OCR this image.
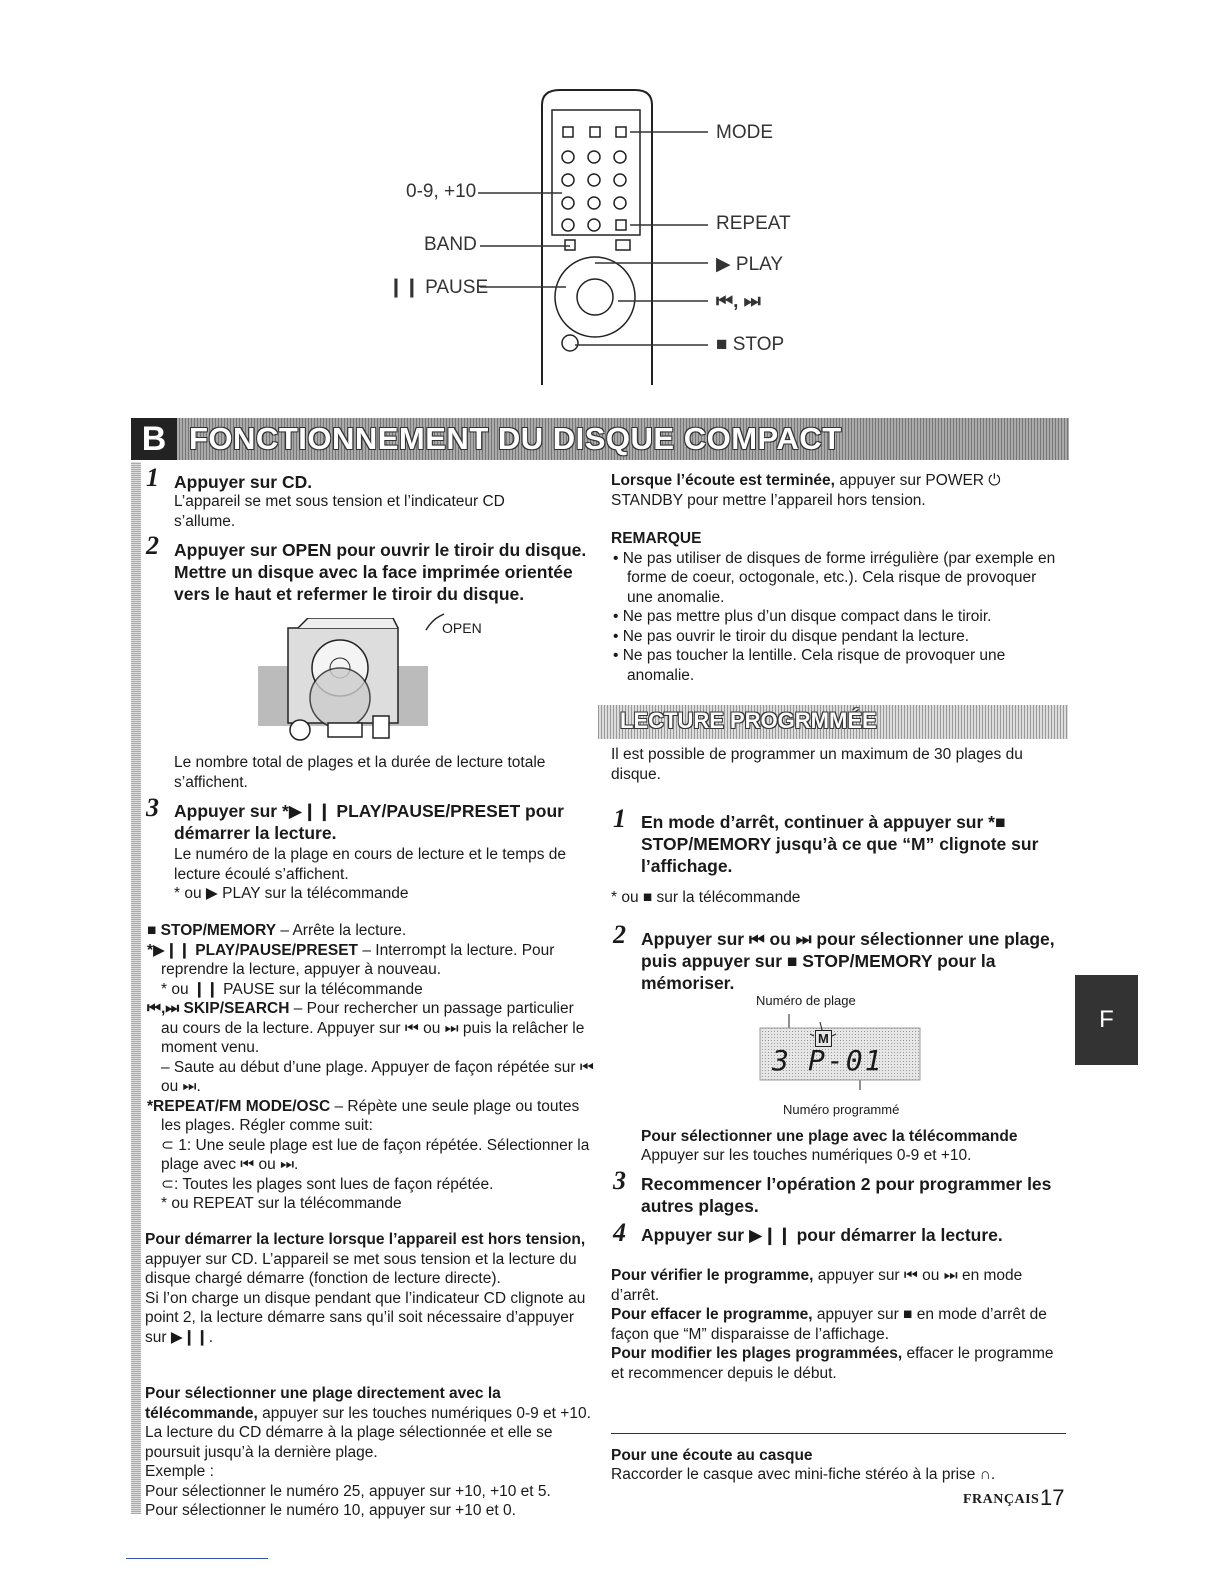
MODE
0-9, +10
REPEAT
BAND
▶ PLAY
❙❙ PAUSE
⏮, ⏭
■ STOP
B FONCTIONNEMENT DU DISQUE COMPACT
1 Appuyer sur CD.

L’appareil se met sous tension et l’indicateur CD s’allume.

2 Appuyer sur OPEN pour ouvrir le tiroir du disque. Mettre un disque avec la face imprimée orientée vers le haut et refermer le tiroir du disque.
OPEN

Le nombre total de plages et la durée de lecture totale s’affichent.

3 Appuyer sur *▶❙❙ PLAY/PAUSE/PRESET pour démarrer la lecture.

Le numéro de la plage en cours de lecture et le temps de lecture écoulé s’affichent.

* ou ▶ PLAY sur la télécommande

■ STOP/MEMORY – Arrête la lecture.

*▶❙❙ PLAY/PAUSE/PRESET – Interrompt la lecture. Pour reprendre la lecture, appuyer à nouveau.

* ou ❙❙ PAUSE sur la télécommande

⏮,⏭ SKIP/SEARCH – Pour rechercher un passage particulier au cours de la lecture. Appuyer sur ⏮ ou ⏭ puis la relâcher le moment venu.

– Saute au début d’une plage. Appuyer de façon répétée sur ⏮ ou ⏭.

*REPEAT/FM MODE/OSC – Répète une seule plage ou toutes les plages. Régler comme suit:

⊂ 1: Une seule plage est lue de façon répétée. Sélectionner la plage avec ⏮ ou ⏭.

⊂: Toutes les plages sont lues de façon répétée.

* ou REPEAT sur la télécommande

Pour démarrer la lecture lorsque l’appareil est hors tension, appuyer sur CD. L’appareil se met sous tension et la lecture du disque chargé démarre (fonction de lecture directe).

Si l’on charge un disque pendant que l’indicateur CD clignote au point 2, la lecture démarre sans qu’il soit nécessaire d’appuyer sur ▶❙❙.

Pour sélectionner une plage directement avec la télécommande, appuyer sur les touches numériques 0-9 et +10. La lecture du CD démarre à la plage sélectionnée et elle se poursuit jusqu’à la dernière plage.

Exemple :

Pour sélectionner le numéro 25, appuyer sur +10, +10 et 5.

Pour sélectionner le numéro 10, appuyer sur +10 et 0.

Lorsque l’écoute est terminée, appuyer sur POWER ⏻ STANDBY pour mettre l’appareil hors tension.

REMARQUE

• Ne pas utiliser de disques de forme irrégulière (par exemple en forme de coeur, octogonale, etc.). Cela risque de provoquer une anomalie.

• Ne pas mettre plus d’un disque compact dans le tiroir.

• Ne pas ouvrir le tiroir du disque pendant la lecture.

• Ne pas toucher la lentille. Cela risque de provoquer une anomalie.

LECTURE PROGRMMÉE

Il est possible de programmer un maximum de 30 plages du disque.

1 En mode d’arrêt, continuer à appuyer sur *■ STOP/MEMORY jusqu’à ce que “M” clignote sur l’affichage.

* ou ■ sur la télécommande

2 Appuyer sur ⏮ ou ⏭ pour sélectionner une plage, puis appuyer sur ■ STOP/MEMORY pour la mémoriser.
Numéro de plage
M
3 P-01
Numéro programmé

Pour sélectionner une plage avec la télécommande

Appuyer sur les touches numériques 0-9 et +10.

3 Recommencer l’opération 2 pour programmer les autres plages.
4 Appuyer sur ▶❙❙ pour démarrer la lecture.

Pour vérifier le programme, appuyer sur ⏮ ou ⏭ en mode d’arrêt.

Pour effacer le programme, appuyer sur ■ en mode d’arrêt de façon que “M” disparaisse de l’affichage.

Pour modifier les plages programmées, effacer le programme et recommencer depuis le début.

Pour une écoute au casque

Raccorder le casque avec mini-fiche stéréo à la prise ∩.

FRANÇAIS 17
F
